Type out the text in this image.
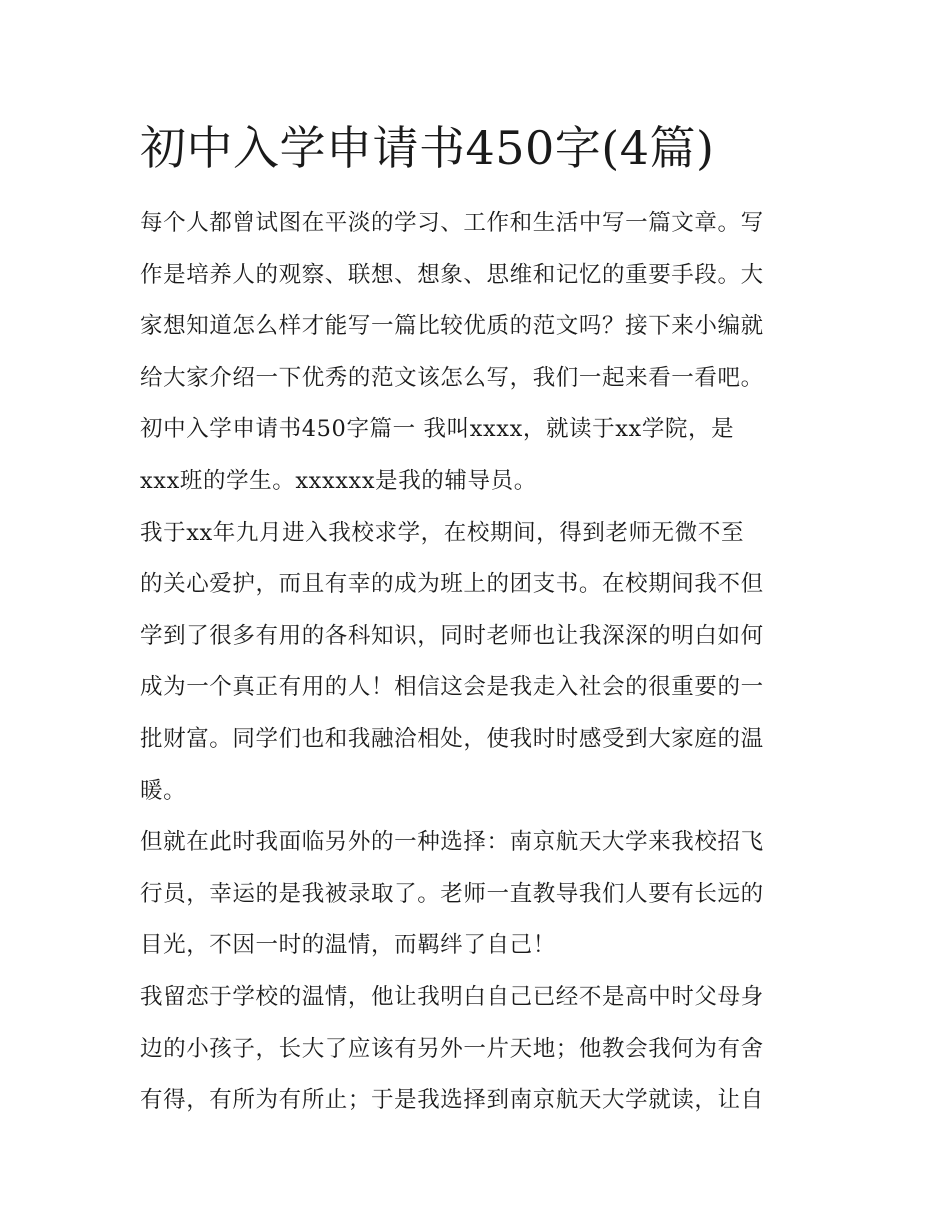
初中入学申请书450字(4篇)
每个人都曾试图在平淡的学习、工作和生活中写一篇文章。写
作是培养人的观察、联想、想象、思维和记忆的重要手段。大
家想知道怎么样才能写一篇比较优质的范文吗？接下来小编就
给大家介绍一下优秀的范文该怎么写，我们一起来看一看吧。
初中入学申请书450字篇一 我叫xxxx，就读于xx学院，是
xxx班的学生。xxxxxx是我的辅导员。
我于xx年九月进入我校求学，在校期间，得到老师无微不至
的关心爱护，而且有幸的成为班上的团支书。在校期间我不但
学到了很多有用的各科知识，同时老师也让我深深的明白如何
成为一个真正有用的人！相信这会是我走入社会的很重要的一
批财富。同学们也和我融洽相处，使我时时感受到大家庭的温
暖。
但就在此时我面临另外的一种选择：南京航天大学来我校招飞
行员，幸运的是我被录取了。老师一直教导我们人要有长远的
目光，不因一时的温情，而羁绊了自己！
我留恋于学校的温情，他让我明白自己已经不是高中时父母身
边的小孩子，长大了应该有另外一片天地；他教会我何为有舍
有得，有所为有所止；于是我选择到南京航天大学就读，让自
